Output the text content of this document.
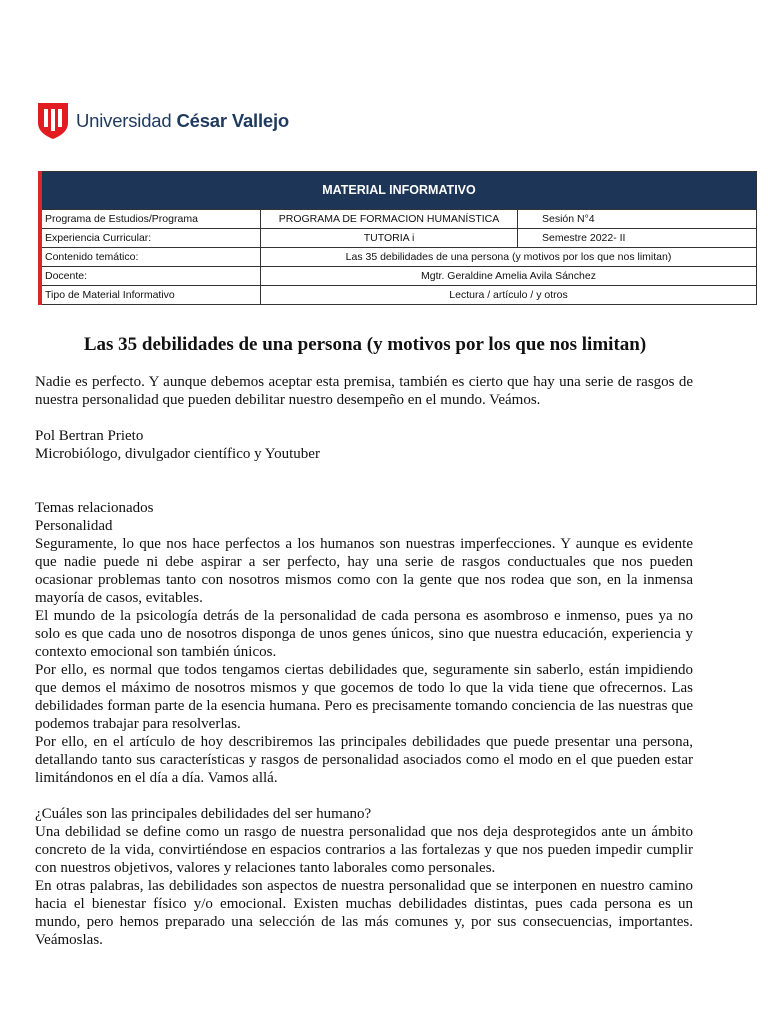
Universidad César Vallejo
MATERIAL INFORMATIVO		
Programa de Estudios/Programa	PROGRAMA DE FORMACION HUMANÍSTICA	Sesión N°4
Experiencia Curricular:	TUTORIA i	Semestre 2022- II
Contenido temático:	Las 35 debilidades de una persona (y motivos por los que nos limitan)	
Docente:	Mgtr. Geraldine Amelia Avila Sánchez	
Tipo de Material Informativo	Lectura / artículo / y otros	
Las 35 debilidades de una persona (y motivos por los que nos limitan)

Nadie es perfecto. Y aunque debemos aceptar esta premisa, también es cierto que hay una serie de rasgos de nuestra personalidad que pueden debilitar nuestro desempeño en el mundo. Veámos.

Pol Bertran Prieto

Microbiólogo, divulgador científico y Youtuber

Temas relacionados

Personalidad

Seguramente, lo que nos hace perfectos a los humanos son nuestras imperfecciones. Y aunque es evidente que nadie puede ni debe aspirar a ser perfecto, hay una serie de rasgos conductuales que nos pueden ocasionar problemas tanto con nosotros mismos como con la gente que nos rodea que son, en la inmensa mayoría de casos, evitables.

El mundo de la psicología detrás de la personalidad de cada persona es asombroso e inmenso, pues ya no solo es que cada uno de nosotros disponga de unos genes únicos, sino que nuestra educación, experiencia y contexto emocional son también únicos.

Por ello, es normal que todos tengamos ciertas debilidades que, seguramente sin saberlo, están impidiendo que demos el máximo de nosotros mismos y que gocemos de todo lo que la vida tiene que ofrecernos. Las debilidades forman parte de la esencia humana. Pero es precisamente tomando conciencia de las nuestras que podemos trabajar para resolverlas.

Por ello, en el artículo de hoy describiremos las principales debilidades que puede presentar una persona, detallando tanto sus características y rasgos de personalidad asociados como el modo en el que pueden estar limitándonos en el día a día. Vamos allá.

¿Cuáles son las principales debilidades del ser humano?

Una debilidad se define como un rasgo de nuestra personalidad que nos deja desprotegidos ante un ámbito concreto de la vida, convirtiéndose en espacios contrarios a las fortalezas y que nos pueden impedir cumplir con nuestros objetivos, valores y relaciones tanto laborales como personales.

En otras palabras, las debilidades son aspectos de nuestra personalidad que se interponen en nuestro camino hacia el bienestar físico y/o emocional. Existen muchas debilidades distintas, pues cada persona es un mundo, pero hemos preparado una selección de las más comunes y, por sus consecuencias, importantes. Veámoslas.
